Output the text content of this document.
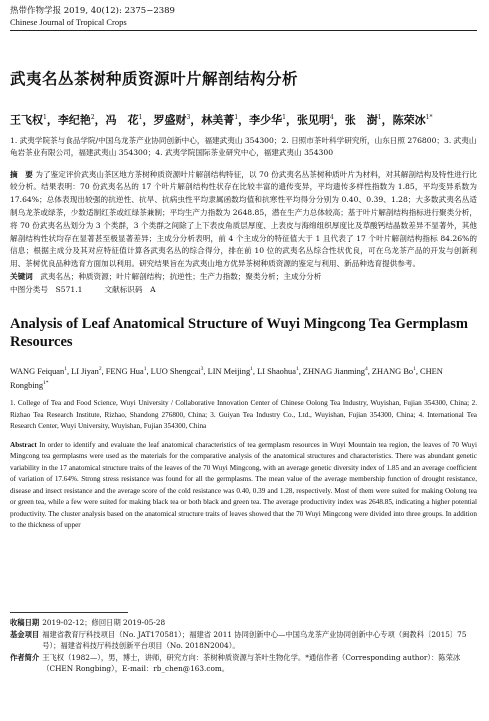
热带作物学报 2019, 40(12): 2375−2389
Chinese Journal of Tropical Crops
武夷名丛茶树种质资源叶片解剖结构分析
王飞权$^1$，李纪艳$^2$，冯　花$^1$，罗盛财$^3$，林美菁$^1$，李少华$^1$，张见明$^4$，张　澍$^1$，陈荣冰$^{1*}$
1. 武夷学院茶与食品学院/中国乌龙茶产业协同创新中心，福建武夷山 354300；2. 日照市茶叶科学研究所，山东日照 276800；3. 武夷山龟岩茶业有限公司，福建武夷山 354300；4. 武夷学院国际茶业研究中心，福建武夷山 354300
摘　要 为了鉴定评价武夷山茶区地方茶树种质资源叶片解剖结构特征，以 70 份武夷名丛茶树种质叶片为材料，对其解剖结构及特性进行比较分析。结果表明：70 份武夷名丛的 17 个叶片解剖结构性状存在比较丰富的遗传变异，平均遗传多样性指数为 1.85，平均变异系数为 17.64%；总体表现出较强的抗逆性、抗旱、抗病虫性平均隶属函数均值和抗寒性平均得分分别为 0.40、0.39、1.28；大多数武夷名丛适制乌龙茶或绿茶，少数适制红茶或红绿茶兼制；平均生产力指数为 2648.85，潜在生产力总体较高；基于叶片解剖结构指标进行聚类分析，将 70 份武夷名丛划分为 3 个类群，3 个类群之间除了上下表皮角质层厚度、上表皮与海绵组织厚度比及草酸钙结晶数差异不显著外，其他解剖结构性状均存在显著甚至极显著差异；主成分分析表明，前 4 个主成分的特征值大于 1 且代表了 17 个叶片解剖结构指标 84.26%的信息；根据主成分及其对应特征值计算各武夷名丛的综合得分，排在前 10 位的武夷名丛综合性状优良，可在乌龙茶产品的开发与创新利用、茶树优良品种选育方面加以利用。研究结果旨在为武夷山地方优异茶树种质资源的鉴定与利用、新品种选育提供参考。
关键词　 武夷名丛；种质资源；叶片解剖结构；抗逆性；生产力指数；聚类分析；主成分分析
中图分类号　S571.1	文献标识码　A
Analysis of Leaf Anatomical Structure of Wuyi Mingcong Tea Germplasm Resources
WANG Feiquan$^1$, LI Jiyan$^2$, FENG Hua$^1$, LUO Shengcai$^3$, LIN Meijing$^1$, LI Shaohua$^1$, ZHNAG Jianming$^4$, ZHANG Bo$^1$, CHEN Rongbing$^{1*}$
1. College of Tea and Food Science, Wuyi University / Collaborative Innovation Center of Chinese Oolong Tea Industry, Wuyishan, Fujian 354300, China; 2. Rizhao Tea Research Institute, Rizhao, Shandong 276800, China; 3. Guiyan Tea Industry Co., Ltd., Wuyishan, Fujian 354300, China; 4. International Tea Research Center, Wuyi University, Wuyishan, Fujian 354300, China
Abstract In order to identify and evaluate the leaf anatomical characteristics of tea germplasm resources in Wuyi Mountain tea region, the leaves of 70 Wuyi Mingcong tea germplasms were used as the materials for the comparative analysis of the anatomical structures and characteristics. There was abundant genetic variability in the 17 anatomical structure traits of the leaves of the 70 Wuyi Mingcong, with an average genetic diversity index of 1.85 and an average coefficient of variation of 17.64%. Strong stress resistance was found for all the germplasms. The mean value of the average membership function of drought resistance, disease and insect resistance and the average score of the cold resistance was 0.40, 0.39 and 1.28, respectively. Most of them were suited for making Oolong tea or green tea, while a few were suited for making black tea or both black and green tea. The average productivity index was 2648.85, indicating a higher potential productivity. The cluster analysis based on the anatomical structure traits of leaves showed that the 70 Wuyi Mingcong were divided into three groups. In addition to the thickness of upper
收稿日期 2019-02-12；修回日期 2019-05-28
基金项目 福建省教育厅科技项目（No. JAT170581）；福建省 2011 协同创新中心—中国乌龙茶产业协同创新中心专项（闽教科〔2015〕75 号）；福建省科技厅科技创新平台项目（No. 2018N2004）。
作者简介 王飞权（1982—），男，博士，讲师，研究方向：茶树种质资源与茶叶生物化学。*通信作者（Corresponding author）：陈荣冰（CHEN Rongbing），E-mail：rb_chen@163.com。
